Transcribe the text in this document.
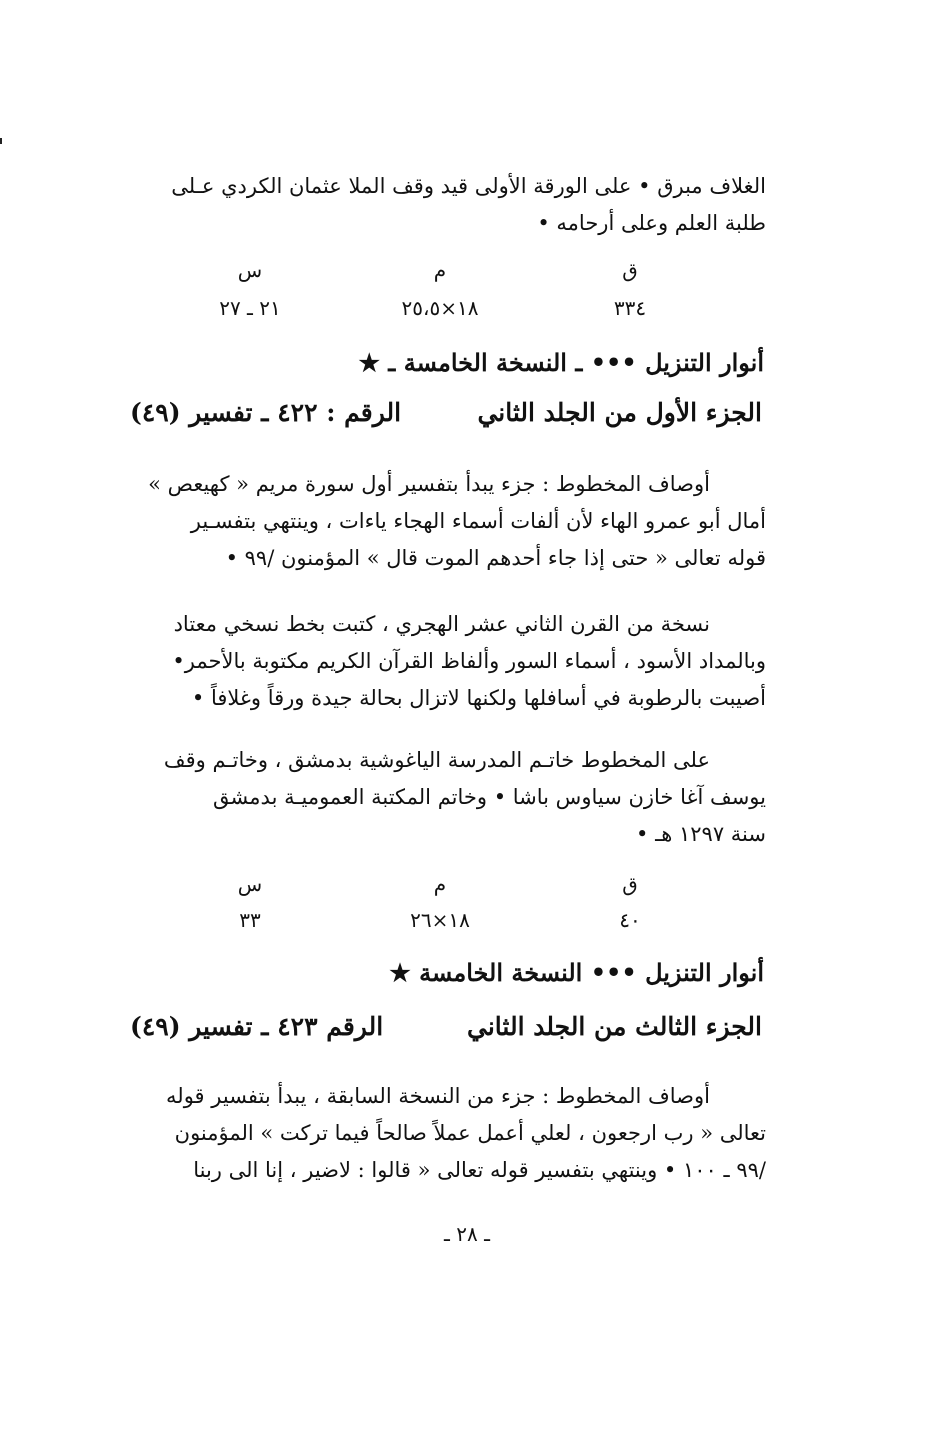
الغلاف مبرق • على الورقة الأولى قيد وقف الملا عثمان الكردي عـلى
طلبة العلم وعلى أرحامه •
ق
م
س
٣٣٤
١٨×٢٥،٥
٢١ ـ ٢٧
أنوار التنزيل ••• ـ النسخة الخامسة ـ ★
الجزء الأول من الجلد الثاني
الرقم : ٤٢٢ ـ تفسير (٤٩)
أوصاف المخطوط : جزء يبدأ بتفسير أول سورة مريم « كهيعص »
أمال أبو عمرو الهاء لأن ألفات أسماء الهجاء ياءات ، وينتهي بتفسـير
قوله تعالى « حتى إذا جاء أحدهم الموت قال » المؤمنون /٩٩ •
نسخة من القرن الثاني عشر الهجري ، كتبت بخط نسخي معتاد
وبالمداد الأسود ، أسماء السور وألفاظ القرآن الكريم مكتوبة بالأحمر•
أصيبت بالرطوبة في أسافلها ولكنها لاتزال بحالة جيدة ورقاً وغلافاً •
على المخطوط خاتـم المدرسة الياغوشية بدمشق ، وخاتـم وقف
يوسف آغا خازن سياوس باشا • وخاتم المكتبة العموميـة بدمشق
سنة ١٢٩٧ هـ •
ق
م
س
٤٠
١٨×٢٦
٣٣
أنوار التنزيل ••• النسخة الخامسة ★
الجزء الثالث من الجلد الثاني
الرقم ٤٢٣ ـ تفسير (٤٩)
أوصاف المخطوط : جزء من النسخة السابقة ، يبدأ بتفسير قوله
تعالى « رب ارجعون ، لعلي أعمل عملاً صالحاً فيما تركت » المؤمنون
/٩٩ ـ ١٠٠ • وينتهي بتفسير قوله تعالى « قالوا : لاضير ، إنا الى ربنا
ـ ٢٨ ـ
